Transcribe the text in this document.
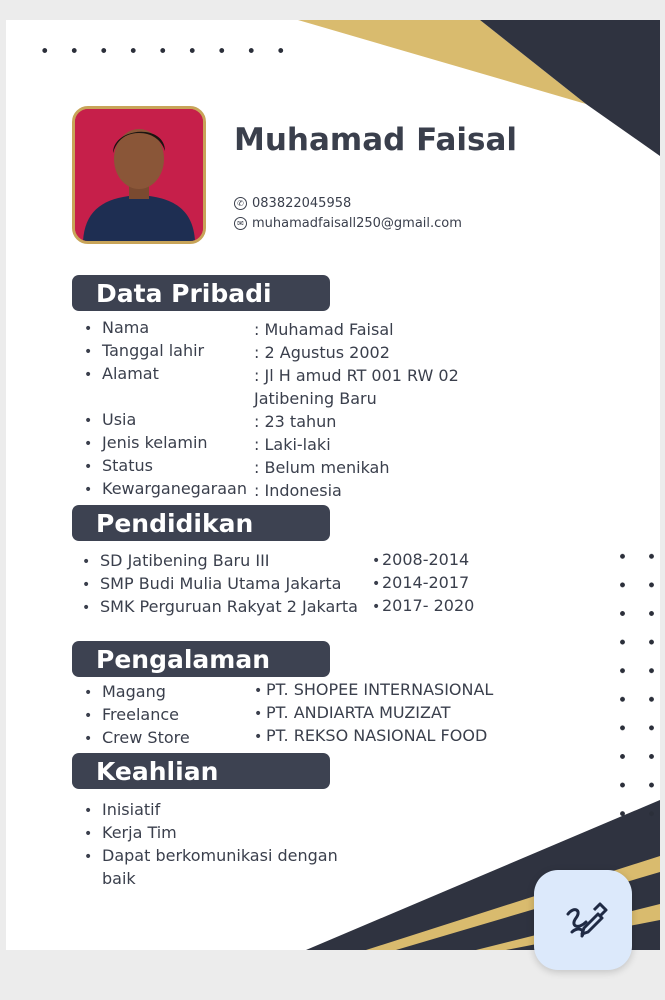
Muhamad Faisal
✆ 083822045958
✉ muhamadfaisall250@gmail.com
Data Pribadi
• Nama	: Muhamad Faisal
• Tanggal lahir	: 2 Agustus 2002
• Alamat	: Jl H amud RT 001 RW 02
Jatibening Baru
• Usia	: 23 tahun
• Jenis kelamin	: Laki-laki
• Status	: Belum menikah
• Kewarganegaraan : Indonesia
Pendidikan
• SD Jatibening Baru III	• 2008-2014
• SMP Budi Mulia Utama Jakarta • 2014-2017
• SMK Perguruan Rakyat 2 Jakarta • 2017- 2020
Pengalaman
• Magang	• PT. SHOPEE INTERNASIONAL
• Freelance	• PT. ANDIARTA MUZIZAT
• Crew Store	• PT. REKSO NASIONAL FOOD
Keahlian
• Inisiatif
• Kerja Tim
• Dapat berkomunikasi dengan
baik
